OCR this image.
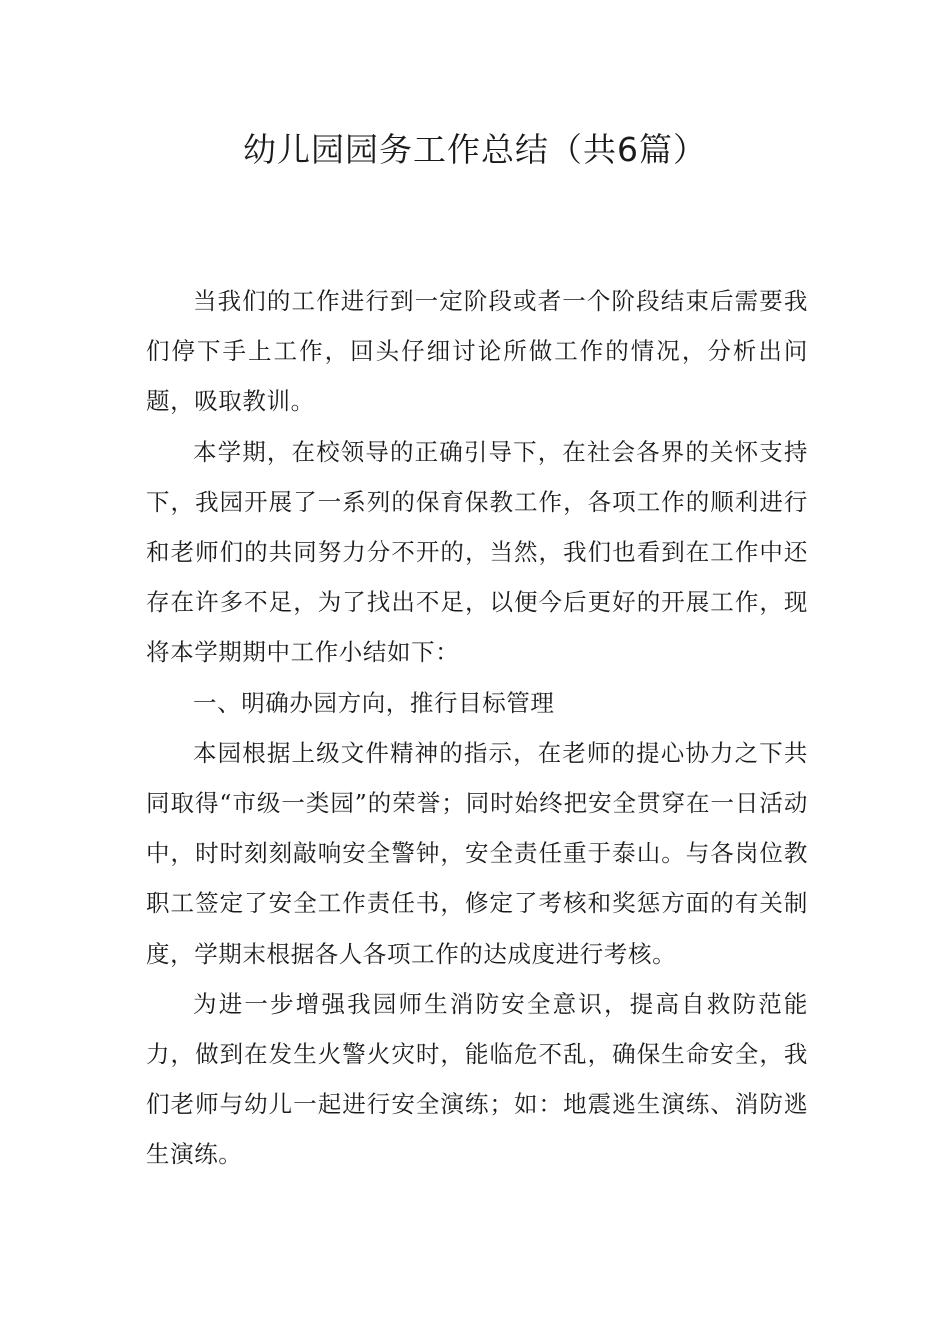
幼儿园园务工作总结（共6篇）

当我们的工作进行到一定阶段或者一个阶段结束后需要我们停下手上工作，回头仔细讨论所做工作的情况，分析出问题，吸取教训。

本学期，在校领导的正确引导下，在社会各界的关怀支持下，我园开展了一系列的保育保教工作，各项工作的顺利进行和老师们的共同努力分不开的，当然，我们也看到在工作中还存在许多不足，为了找出不足，以便今后更好的开展工作，现将本学期期中工作小结如下：

一、明确办园方向，推行目标管理

本园根据上级文件精神的指示，在老师的提心协力之下共同取得“市级一类园”的荣誉；同时始终把安全贯穿在一日活动中，时时刻刻敲响安全警钟，安全责任重于泰山。与各岗位教职工签定了安全工作责任书，修定了考核和奖惩方面的有关制度，学期末根据各人各项工作的达成度进行考核。

为进一步增强我园师生消防安全意识，提高自救防范能力，做到在发生火警火灾时，能临危不乱，确保生命安全，我们老师与幼儿一起进行安全演练；如：地震逃生演练、消防逃生演练。
